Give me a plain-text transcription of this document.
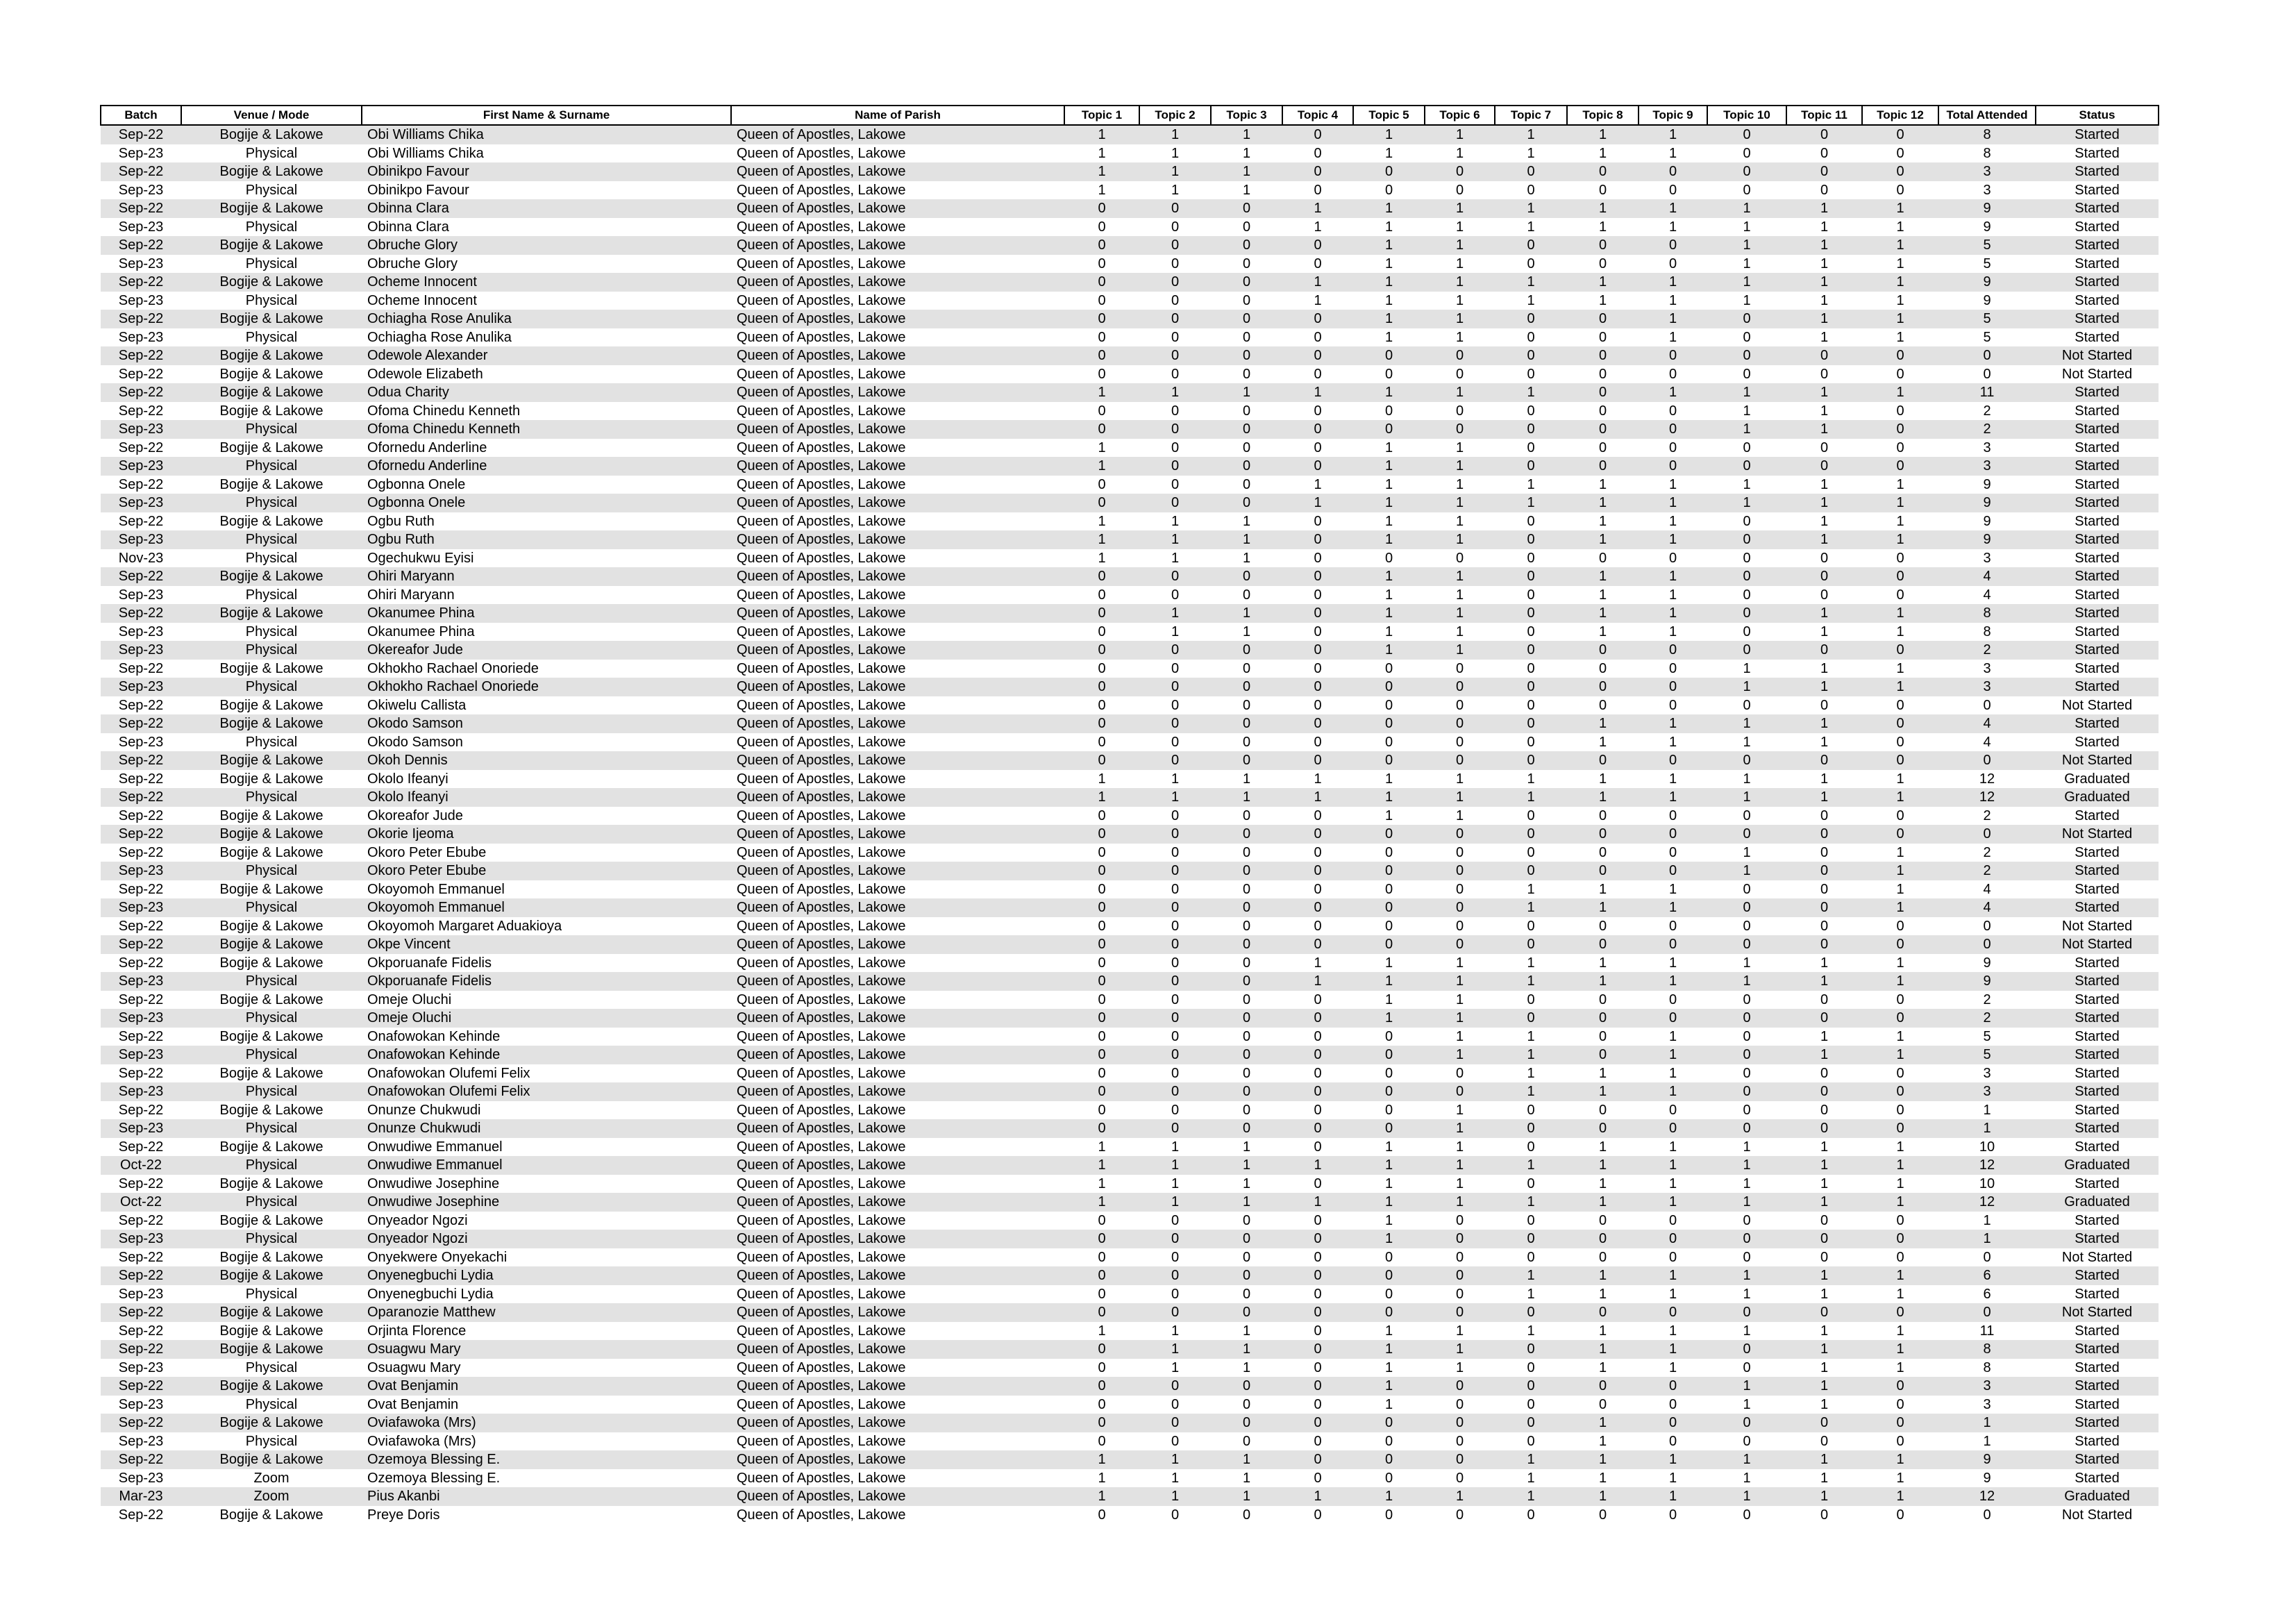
Batch	Venue / Mode	First Name & Surname	Name of Parish	Topic 1	Topic 2	Topic 3	Topic 4	Topic 5	Topic 6	Topic 7	Topic 8	Topic 9	Topic 10	Topic 11	Topic 12	Total Attended	Status
Sep-22	Bogije & Lakowe	Obi Williams Chika	Queen of Apostles, Lakowe	1	1	1	0	1	1	1	1	1	0	0	0	8	Started
Sep-23	Physical	Obi Williams Chika	Queen of Apostles, Lakowe	1	1	1	0	1	1	1	1	1	0	0	0	8	Started
Sep-22	Bogije & Lakowe	Obinikpo Favour	Queen of Apostles, Lakowe	1	1	1	0	0	0	0	0	0	0	0	0	3	Started
Sep-23	Physical	Obinikpo Favour	Queen of Apostles, Lakowe	1	1	1	0	0	0	0	0	0	0	0	0	3	Started
Sep-22	Bogije & Lakowe	Obinna Clara	Queen of Apostles, Lakowe	0	0	0	1	1	1	1	1	1	1	1	1	9	Started
Sep-23	Physical	Obinna Clara	Queen of Apostles, Lakowe	0	0	0	1	1	1	1	1	1	1	1	1	9	Started
Sep-22	Bogije & Lakowe	Obruche Glory	Queen of Apostles, Lakowe	0	0	0	0	1	1	0	0	0	1	1	1	5	Started
Sep-23	Physical	Obruche Glory	Queen of Apostles, Lakowe	0	0	0	0	1	1	0	0	0	1	1	1	5	Started
Sep-22	Bogije & Lakowe	Ocheme Innocent	Queen of Apostles, Lakowe	0	0	0	1	1	1	1	1	1	1	1	1	9	Started
Sep-23	Physical	Ocheme Innocent	Queen of Apostles, Lakowe	0	0	0	1	1	1	1	1	1	1	1	1	9	Started
Sep-22	Bogije & Lakowe	Ochiagha Rose Anulika	Queen of Apostles, Lakowe	0	0	0	0	1	1	0	0	1	0	1	1	5	Started
Sep-23	Physical	Ochiagha Rose Anulika	Queen of Apostles, Lakowe	0	0	0	0	1	1	0	0	1	0	1	1	5	Started
Sep-22	Bogije & Lakowe	Odewole Alexander	Queen of Apostles, Lakowe	0	0	0	0	0	0	0	0	0	0	0	0	0	Not Started
Sep-22	Bogije & Lakowe	Odewole Elizabeth	Queen of Apostles, Lakowe	0	0	0	0	0	0	0	0	0	0	0	0	0	Not Started
Sep-22	Bogije & Lakowe	Odua Charity	Queen of Apostles, Lakowe	1	1	1	1	1	1	1	0	1	1	1	1	11	Started
Sep-22	Bogije & Lakowe	Ofoma Chinedu Kenneth	Queen of Apostles, Lakowe	0	0	0	0	0	0	0	0	0	1	1	0	2	Started
Sep-23	Physical	Ofoma Chinedu Kenneth	Queen of Apostles, Lakowe	0	0	0	0	0	0	0	0	0	1	1	0	2	Started
Sep-22	Bogije & Lakowe	Ofornedu Anderline	Queen of Apostles, Lakowe	1	0	0	0	1	1	0	0	0	0	0	0	3	Started
Sep-23	Physical	Ofornedu Anderline	Queen of Apostles, Lakowe	1	0	0	0	1	1	0	0	0	0	0	0	3	Started
Sep-22	Bogije & Lakowe	Ogbonna Onele	Queen of Apostles, Lakowe	0	0	0	1	1	1	1	1	1	1	1	1	9	Started
Sep-23	Physical	Ogbonna Onele	Queen of Apostles, Lakowe	0	0	0	1	1	1	1	1	1	1	1	1	9	Started
Sep-22	Bogije & Lakowe	Ogbu Ruth	Queen of Apostles, Lakowe	1	1	1	0	1	1	0	1	1	0	1	1	9	Started
Sep-23	Physical	Ogbu Ruth	Queen of Apostles, Lakowe	1	1	1	0	1	1	0	1	1	0	1	1	9	Started
Nov-23	Physical	Ogechukwu Eyisi	Queen of Apostles, Lakowe	1	1	1	0	0	0	0	0	0	0	0	0	3	Started
Sep-22	Bogije & Lakowe	Ohiri Maryann	Queen of Apostles, Lakowe	0	0	0	0	1	1	0	1	1	0	0	0	4	Started
Sep-23	Physical	Ohiri Maryann	Queen of Apostles, Lakowe	0	0	0	0	1	1	0	1	1	0	0	0	4	Started
Sep-22	Bogije & Lakowe	Okanumee Phina	Queen of Apostles, Lakowe	0	1	1	0	1	1	0	1	1	0	1	1	8	Started
Sep-23	Physical	Okanumee Phina	Queen of Apostles, Lakowe	0	1	1	0	1	1	0	1	1	0	1	1	8	Started
Sep-23	Physical	Okereafor Jude	Queen of Apostles, Lakowe	0	0	0	0	1	1	0	0	0	0	0	0	2	Started
Sep-22	Bogije & Lakowe	Okhokho Rachael Onoriede	Queen of Apostles, Lakowe	0	0	0	0	0	0	0	0	0	1	1	1	3	Started
Sep-23	Physical	Okhokho Rachael Onoriede	Queen of Apostles, Lakowe	0	0	0	0	0	0	0	0	0	1	1	1	3	Started
Sep-22	Bogije & Lakowe	Okiwelu Callista	Queen of Apostles, Lakowe	0	0	0	0	0	0	0	0	0	0	0	0	0	Not Started
Sep-22	Bogije & Lakowe	Okodo Samson	Queen of Apostles, Lakowe	0	0	0	0	0	0	0	1	1	1	1	0	4	Started
Sep-23	Physical	Okodo Samson	Queen of Apostles, Lakowe	0	0	0	0	0	0	0	1	1	1	1	0	4	Started
Sep-22	Bogije & Lakowe	Okoh Dennis	Queen of Apostles, Lakowe	0	0	0	0	0	0	0	0	0	0	0	0	0	Not Started
Sep-22	Bogije & Lakowe	Okolo Ifeanyi	Queen of Apostles, Lakowe	1	1	1	1	1	1	1	1	1	1	1	1	12	Graduated
Sep-22	Physical	Okolo Ifeanyi	Queen of Apostles, Lakowe	1	1	1	1	1	1	1	1	1	1	1	1	12	Graduated
Sep-22	Bogije & Lakowe	Okoreafor Jude	Queen of Apostles, Lakowe	0	0	0	0	1	1	0	0	0	0	0	0	2	Started
Sep-22	Bogije & Lakowe	Okorie Ijeoma	Queen of Apostles, Lakowe	0	0	0	0	0	0	0	0	0	0	0	0	0	Not Started
Sep-22	Bogije & Lakowe	Okoro Peter Ebube	Queen of Apostles, Lakowe	0	0	0	0	0	0	0	0	0	1	0	1	2	Started
Sep-23	Physical	Okoro Peter Ebube	Queen of Apostles, Lakowe	0	0	0	0	0	0	0	0	0	1	0	1	2	Started
Sep-22	Bogije & Lakowe	Okoyomoh Emmanuel	Queen of Apostles, Lakowe	0	0	0	0	0	0	1	1	1	0	0	1	4	Started
Sep-23	Physical	Okoyomoh Emmanuel	Queen of Apostles, Lakowe	0	0	0	0	0	0	1	1	1	0	0	1	4	Started
Sep-22	Bogije & Lakowe	Okoyomoh Margaret Aduakioya	Queen of Apostles, Lakowe	0	0	0	0	0	0	0	0	0	0	0	0	0	Not Started
Sep-22	Bogije & Lakowe	Okpe Vincent	Queen of Apostles, Lakowe	0	0	0	0	0	0	0	0	0	0	0	0	0	Not Started
Sep-22	Bogije & Lakowe	Okporuanafe Fidelis	Queen of Apostles, Lakowe	0	0	0	1	1	1	1	1	1	1	1	1	9	Started
Sep-23	Physical	Okporuanafe Fidelis	Queen of Apostles, Lakowe	0	0	0	1	1	1	1	1	1	1	1	1	9	Started
Sep-22	Bogije & Lakowe	Omeje Oluchi	Queen of Apostles, Lakowe	0	0	0	0	1	1	0	0	0	0	0	0	2	Started
Sep-23	Physical	Omeje Oluchi	Queen of Apostles, Lakowe	0	0	0	0	1	1	0	0	0	0	0	0	2	Started
Sep-22	Bogije & Lakowe	Onafowokan Kehinde	Queen of Apostles, Lakowe	0	0	0	0	0	1	1	0	1	0	1	1	5	Started
Sep-23	Physical	Onafowokan Kehinde	Queen of Apostles, Lakowe	0	0	0	0	0	1	1	0	1	0	1	1	5	Started
Sep-22	Bogije & Lakowe	Onafowokan Olufemi Felix	Queen of Apostles, Lakowe	0	0	0	0	0	0	1	1	1	0	0	0	3	Started
Sep-23	Physical	Onafowokan Olufemi Felix	Queen of Apostles, Lakowe	0	0	0	0	0	0	1	1	1	0	0	0	3	Started
Sep-22	Bogije & Lakowe	Onunze Chukwudi	Queen of Apostles, Lakowe	0	0	0	0	0	1	0	0	0	0	0	0	1	Started
Sep-23	Physical	Onunze Chukwudi	Queen of Apostles, Lakowe	0	0	0	0	0	1	0	0	0	0	0	0	1	Started
Sep-22	Bogije & Lakowe	Onwudiwe Emmanuel	Queen of Apostles, Lakowe	1	1	1	0	1	1	0	1	1	1	1	1	10	Started
Oct-22	Physical	Onwudiwe Emmanuel	Queen of Apostles, Lakowe	1	1	1	1	1	1	1	1	1	1	1	1	12	Graduated
Sep-22	Bogije & Lakowe	Onwudiwe Josephine	Queen of Apostles, Lakowe	1	1	1	0	1	1	0	1	1	1	1	1	10	Started
Oct-22	Physical	Onwudiwe Josephine	Queen of Apostles, Lakowe	1	1	1	1	1	1	1	1	1	1	1	1	12	Graduated
Sep-22	Bogije & Lakowe	Onyeador Ngozi	Queen of Apostles, Lakowe	0	0	0	0	1	0	0	0	0	0	0	0	1	Started
Sep-23	Physical	Onyeador Ngozi	Queen of Apostles, Lakowe	0	0	0	0	1	0	0	0	0	0	0	0	1	Started
Sep-22	Bogije & Lakowe	Onyekwere Onyekachi	Queen of Apostles, Lakowe	0	0	0	0	0	0	0	0	0	0	0	0	0	Not Started
Sep-22	Bogije & Lakowe	Onyenegbuchi Lydia	Queen of Apostles, Lakowe	0	0	0	0	0	0	1	1	1	1	1	1	6	Started
Sep-23	Physical	Onyenegbuchi Lydia	Queen of Apostles, Lakowe	0	0	0	0	0	0	1	1	1	1	1	1	6	Started
Sep-22	Bogije & Lakowe	Oparanozie Matthew	Queen of Apostles, Lakowe	0	0	0	0	0	0	0	0	0	0	0	0	0	Not Started
Sep-22	Bogije & Lakowe	Orjinta Florence	Queen of Apostles, Lakowe	1	1	1	0	1	1	1	1	1	1	1	1	11	Started
Sep-22	Bogije & Lakowe	Osuagwu Mary	Queen of Apostles, Lakowe	0	1	1	0	1	1	0	1	1	0	1	1	8	Started
Sep-23	Physical	Osuagwu Mary	Queen of Apostles, Lakowe	0	1	1	0	1	1	0	1	1	0	1	1	8	Started
Sep-22	Bogije & Lakowe	Ovat Benjamin	Queen of Apostles, Lakowe	0	0	0	0	1	0	0	0	0	1	1	0	3	Started
Sep-23	Physical	Ovat Benjamin	Queen of Apostles, Lakowe	0	0	0	0	1	0	0	0	0	1	1	0	3	Started
Sep-22	Bogije & Lakowe	Oviafawoka (Mrs)	Queen of Apostles, Lakowe	0	0	0	0	0	0	0	1	0	0	0	0	1	Started
Sep-23	Physical	Oviafawoka (Mrs)	Queen of Apostles, Lakowe	0	0	0	0	0	0	0	1	0	0	0	0	1	Started
Sep-22	Bogije & Lakowe	Ozemoya Blessing E.	Queen of Apostles, Lakowe	1	1	1	0	0	0	1	1	1	1	1	1	9	Started
Sep-23	Zoom	Ozemoya Blessing E.	Queen of Apostles, Lakowe	1	1	1	0	0	0	1	1	1	1	1	1	9	Started
Mar-23	Zoom	Pius Akanbi	Queen of Apostles, Lakowe	1	1	1	1	1	1	1	1	1	1	1	1	12	Graduated
Sep-22	Bogije & Lakowe	Preye Doris	Queen of Apostles, Lakowe	0	0	0	0	0	0	0	0	0	0	0	0	0	Not Started
